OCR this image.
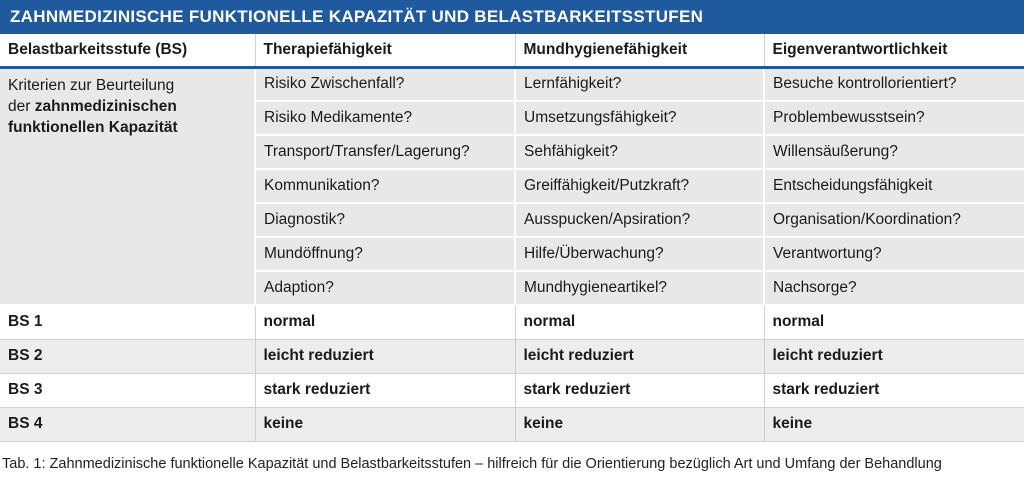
ZAHNMEDIZINISCHE FUNKTIONELLE KAPAZITÄT UND BELASTBARKEITSSTUFEN
Belastbarkeitsstufe (BS)	Therapiefähigkeit	Mundhygienefähigkeit	Eigenverantwortlichkeit
Kriterien zur Beurteilung
der zahnmedizinischen
funktionellen Kapazität	Risiko Zwischenfall?	Lernfähigkeit?	Besuche kontrollorientiert?
	Risiko Medikamente?	Umsetzungsfähigkeit?	Problembewusstsein?
	Transport/Transfer/Lagerung?	Sehfähigkeit?	Willensäußerung?
	Kommunikation?	Greiffähigkeit/Putzkraft?	Entscheidungsfähigkeit
	Diagnostik?	Ausspucken/Apsiration?	Organisation/Koordination?
	Mundöffnung?	Hilfe/Überwachung?	Verantwortung?
	Adaption?	Mundhygieneartikel?	Nachsorge?
BS 1	normal	normal	normal
BS 2	leicht reduziert	leicht reduziert	leicht reduziert
BS 3	stark reduziert	stark reduziert	stark reduziert
BS 4	keine	keine	keine
Tab. 1: Zahnmedizinische funktionelle Kapazität und Belastbarkeitsstufen – hilfreich für die Orientierung bezüglich Art und Umfang der Behandlung
